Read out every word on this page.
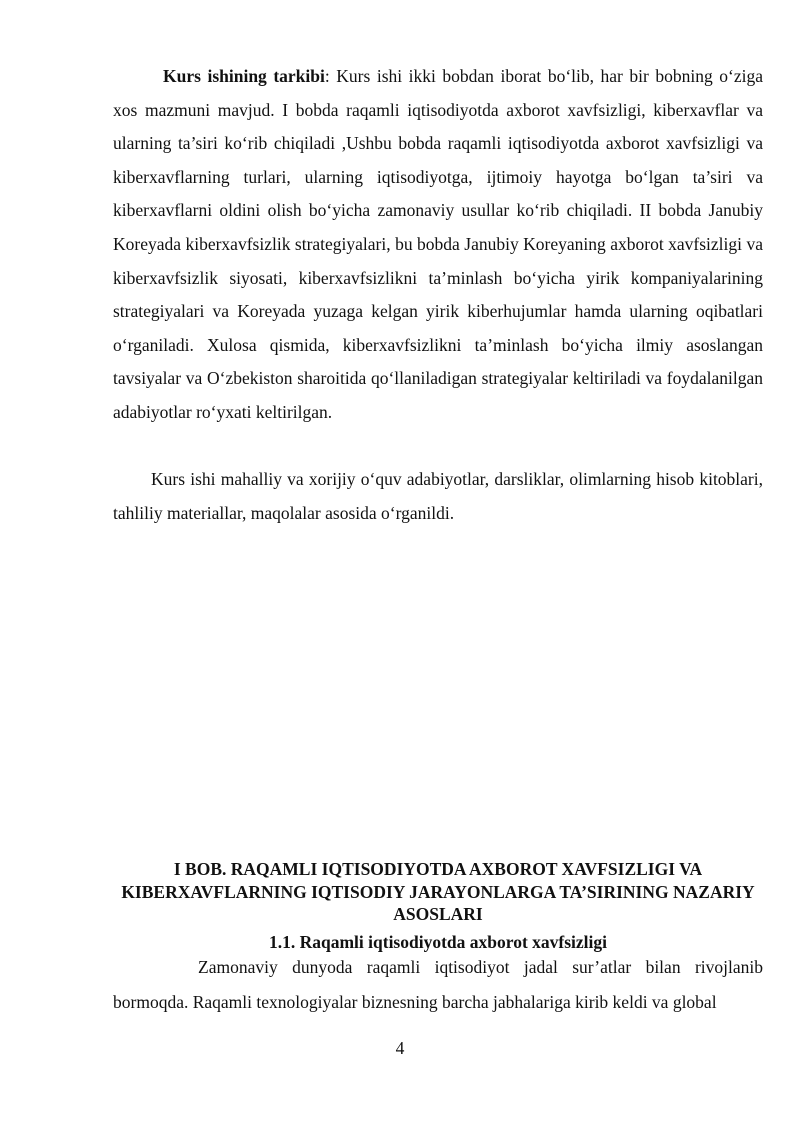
Kurs ishining tarkibi: Kurs ishi ikki bobdan iborat bo‘lib, har bir bobning o‘ziga xos mazmuni mavjud. I bobda raqamli iqtisodiyotda axborot xavfsizligi, kiberxavflar va ularning ta’siri ko‘rib chiqiladi ,Ushbu bobda raqamli iqtisodiyotda axborot xavfsizligi va kiberxavflarning turlari, ularning iqtisodiyotga, ijtimoiy hayotga bo‘lgan ta’siri va kiberxavflarni oldini olish bo‘yicha zamonaviy usullar ko‘rib chiqiladi. II bobda Janubiy Koreyada kiberxavfsizlik strategiyalari, bu bobda Janubiy Koreyaning axborot xavfsizligi va kiberxavfsizlik siyosati, kiberxavfsizlikni ta’minlash bo‘yicha yirik kompaniyalarining strategiyalari va Koreyada yuzaga kelgan yirik kiberhujumlar hamda ularning oqibatlari o‘rganiladi. Xulosa qismida, kiberxavfsizlikni ta’minlash bo‘yicha ilmiy asoslangan tavsiyalar va O‘zbekiston sharoitida qo‘llaniladigan strategiyalar keltiriladi va foydalanilgan adabiyotlar ro‘yxati keltirilgan.

Kurs ishi mahalliy va xorijiy o‘quv adabiyotlar, darsliklar, olimlarning hisob kitoblari, tahliliy materiallar, maqolalar asosida o‘rganildi.

I BOB. RAQAMLI IQTISODIYOTDA AXBOROT XAVFSIZLIGI VA KIBERXAVFLARNING IQTISODIY JARAYONLARGA TA’SIRINING NAZARIY ASOSLARI
1.1. Raqamli iqtisodiyotda axborot xavfsizligi

Zamonaviy dunyoda raqamli iqtisodiyot jadal sur’atlar bilan rivojlanib bormoqda. Raqamli texnologiyalar biznesning barcha jabhalariga kirib keldi va global

4
